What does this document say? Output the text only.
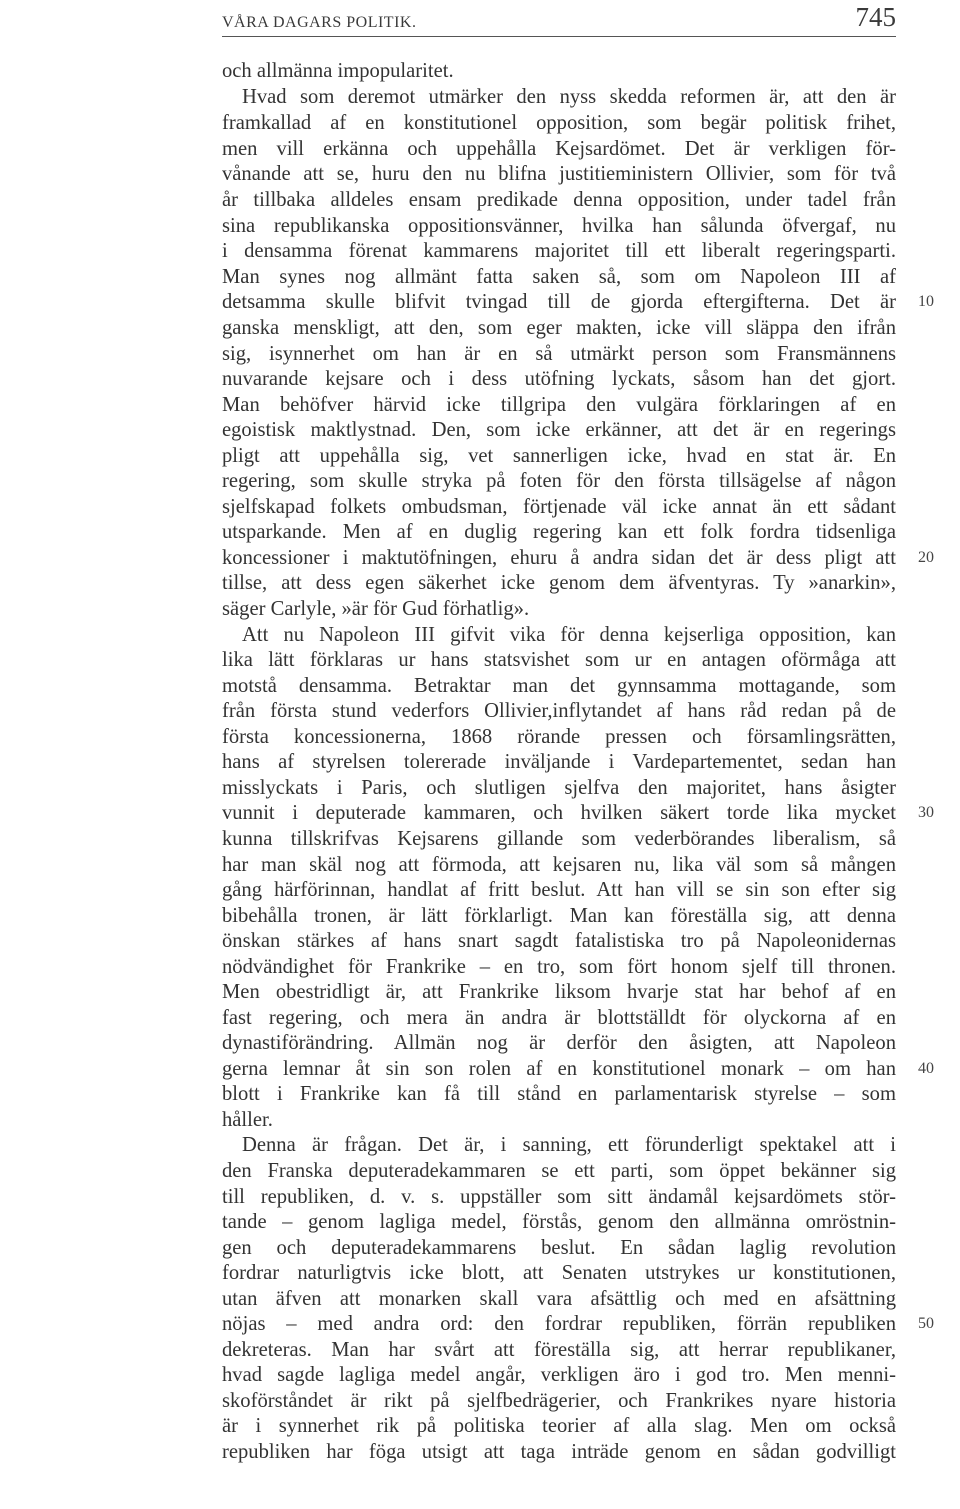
VÅRA DAGARS POLITIK.	745
och allmänna impopularitet.
Hvad som deremot utmärker den nyss skedda reformen är, att den är
framkallad af en konstitutionel opposition, som begär politisk frihet,
men vill erkänna och uppehålla Kejsardömet. Det är verkligen för-
vånande att se, huru den nu blifna justitieministern Ollivier, som för två
år tillbaka alldeles ensam predikade denna opposition, under tadel från
sina republikanska oppositionsvänner, hvilka han sålunda öfvergaf, nu
i densamma förenat kammarens majoritet till ett liberalt regeringsparti.
Man synes nog allmänt fatta saken så, som om Napoleon III af
detsamma skulle blifvit tvingad till de gjorda eftergifterna. Det är
ganska menskligt, att den, som eger makten, icke vill släppa den ifrån
sig, isynnerhet om han är en så utmärkt person som Fransmännens
nuvarande kejsare och i dess utöfning lyckats, såsom han det gjort.
Man behöfver härvid icke tillgripa den vulgära förklaringen af en
egoistisk maktlystnad. Den, som icke erkänner, att det är en regerings
pligt att uppehålla sig, vet sannerligen icke, hvad en stat är. En
regering, som skulle stryka på foten för den första tillsägelse af någon
sjelfskapad folkets ombudsman, förtjenade väl icke annat än ett sådant
utsparkande. Men af en duglig regering kan ett folk fordra tidsenliga
koncessioner i maktutöfningen, ehuru å andra sidan det är dess pligt att
tillse, att dess egen säkerhet icke genom dem äfventyras. Ty »anarkin»,
säger Carlyle, »är för Gud förhatlig».
Att nu Napoleon III gifvit vika för denna kejserliga opposition, kan
lika lätt förklaras ur hans statsvishet som ur en antagen oförmåga att
motstå densamma. Betraktar man det gynnsamma mottagande, som
från första stund vederfors Ollivier,inflytandet af hans råd redan på de
första koncessionerna, 1868 rörande pressen och församlingsrätten,
hans af styrelsen tolererade inväljande i Vardepartementet, sedan han
misslyckats i Paris, och slutligen sjelfva den majoritet, hans åsigter
vunnit i deputerade kammaren, och hvilken säkert torde lika mycket
kunna tillskrifvas Kejsarens gillande som vederbörandes liberalism, så
har man skäl nog att förmoda, att kejsaren nu, lika väl som så mången
gång härförinnan, handlat af fritt beslut. Att han vill se sin son efter sig
bibehålla tronen, är lätt förklarligt. Man kan föreställa sig, att denna
önskan stärkes af hans snart sagdt fatalistiska tro på Napoleonidernas
nödvändighet för Frankrike – en tro, som fört honom sjelf till thronen.
Men obestridligt är, att Frankrike liksom hvarje stat har behof af en
fast regering, och mera än andra är blottställdt för olyckorna af en
dynastiförändring. Allmän nog är derför den åsigten, att Napoleon
gerna lemnar åt sin son rolen af en konstitutionel monark – om han
blott i Frankrike kan få till stånd en parlamentarisk styrelse – som
håller.
Denna är frågan. Det är, i sanning, ett förunderligt spektakel att i
den Franska deputeradekammaren se ett parti, som öppet bekänner sig
till republiken, d. v. s. uppställer som sitt ändamål kejsardömets stör-
tande – genom lagliga medel, förstås, genom den allmänna omröstnin-
gen och deputeradekammarens beslut. En sådan laglig revolution
fordrar naturligtvis icke blott, att Senaten utstrykes ur konstitutionen,
utan äfven att monarken skall vara afsättlig och med en afsättning
nöjas – med andra ord: den fordrar republiken, förrän republiken
dekreteras. Man har svårt att föreställa sig, att herrar republikaner,
hvad sagde lagliga medel angår, verkligen äro i god tro. Men menni-
skoförståndet är rikt på sjelfbedrägerier, och Frankrikes nyare historia
är i synnerhet rik på politiska teorier af alla slag. Men om också
republiken har föga utsigt att taga inträde genom en sådan godvilligt
10
20
30
40
50
